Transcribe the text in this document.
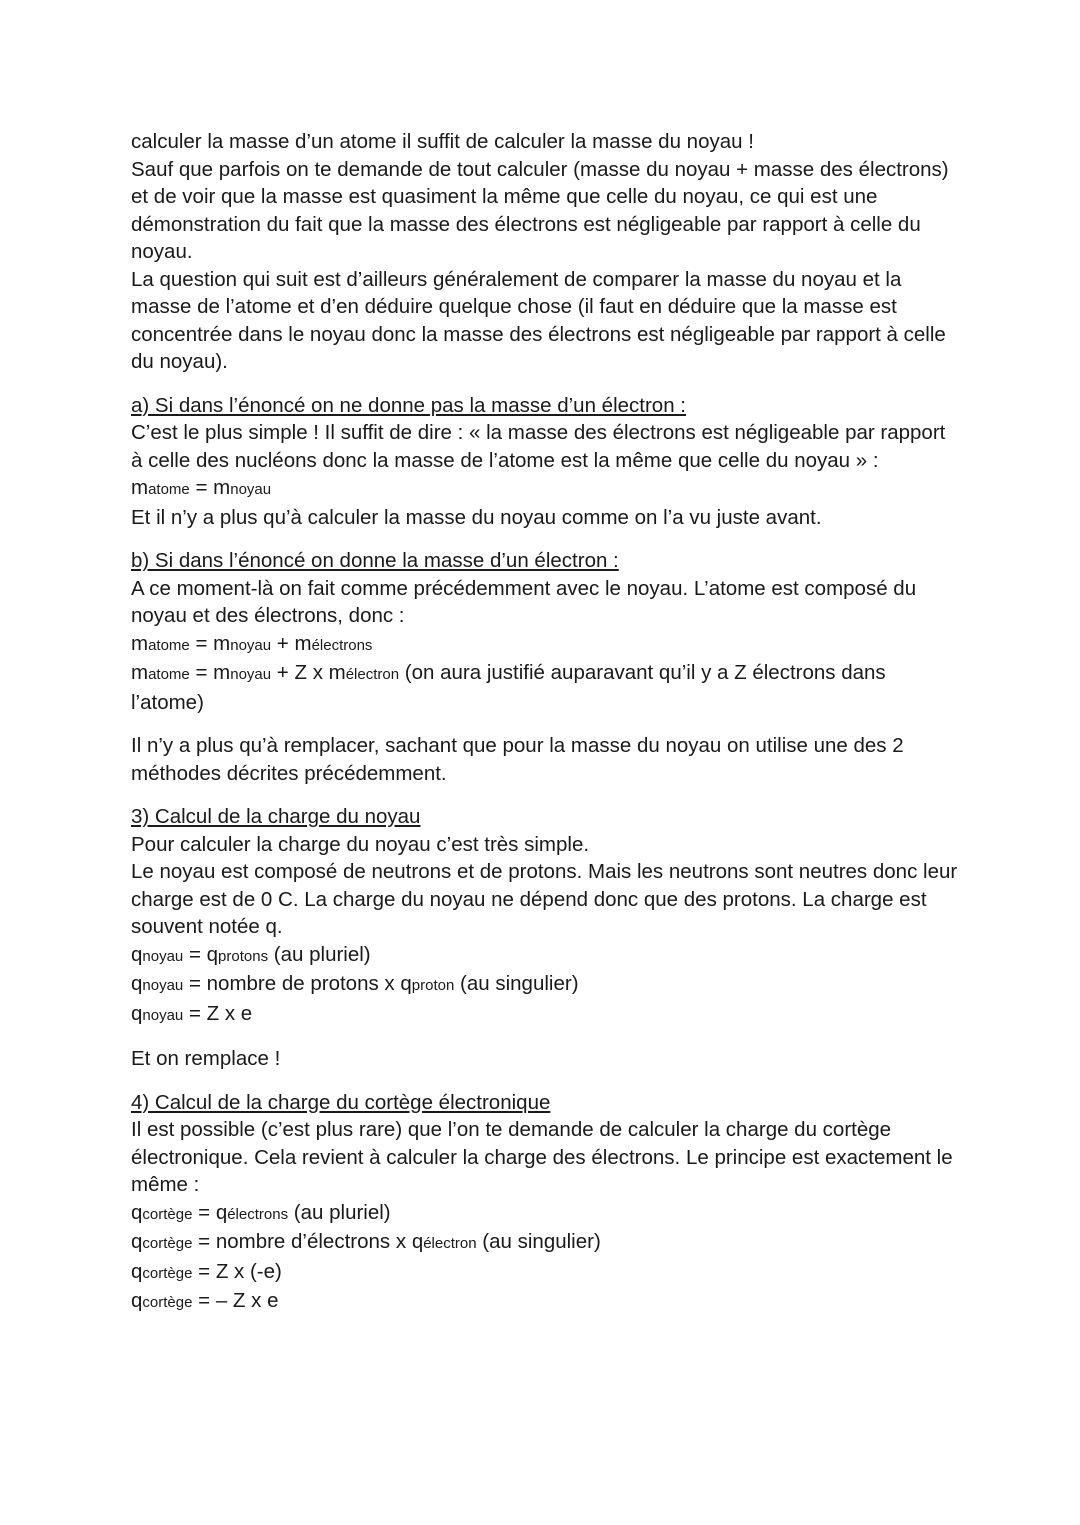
calculer la masse d’un atome il suffit de calculer la masse du noyau !

Sauf que parfois on te demande de tout calculer (masse du noyau + masse des électrons) et de voir que la masse est quasiment la même que celle du noyau, ce qui est une démonstration du fait que la masse des électrons est négligeable par rapport à celle du noyau.

La question qui suit est d’ailleurs généralement de comparer la masse du noyau et la masse de l’atome et d’en déduire quelque chose (il faut en déduire que la masse est concentrée dans le noyau donc la masse des électrons est négligeable par rapport à celle du noyau).

a) Si dans l’énoncé on ne donne pas la masse d’un électron :

C’est le plus simple ! Il suffit de dire : « la masse des électrons est négligeable par rapport à celle des nucléons donc la masse de l’atome est la même que celle du noyau » :

matome = mnoyau

Et il n’y a plus qu’à calculer la masse du noyau comme on l’a vu juste avant.

b) Si dans l’énoncé on donne la masse d’un électron :

A ce moment-là on fait comme précédemment avec le noyau. L’atome est composé du noyau et des électrons, donc :

matome = mnoyau + mélectrons

matome = mnoyau + Z x mélectron (on aura justifié auparavant qu’il y a Z électrons dans l’atome)

Il n’y a plus qu’à remplacer, sachant que pour la masse du noyau on utilise une des 2 méthodes décrites précédemment.

3) Calcul de la charge du noyau

Pour calculer la charge du noyau c’est très simple.

Le noyau est composé de neutrons et de protons. Mais les neutrons sont neutres donc leur charge est de 0 C. La charge du noyau ne dépend donc que des protons. La charge est souvent notée q.

qnoyau = qprotons (au pluriel)

qnoyau = nombre de protons x qproton (au singulier)

qnoyau = Z x e

Et on remplace !

4) Calcul de la charge du cortège électronique

Il est possible (c’est plus rare) que l’on te demande de calculer la charge du cortège électronique. Cela revient à calculer la charge des électrons. Le principe est exactement le même :

qcortège = qélectrons (au pluriel)

qcortège = nombre d’électrons x qélectron (au singulier)

qcortège = Z x (-e)

qcortège = – Z x e
